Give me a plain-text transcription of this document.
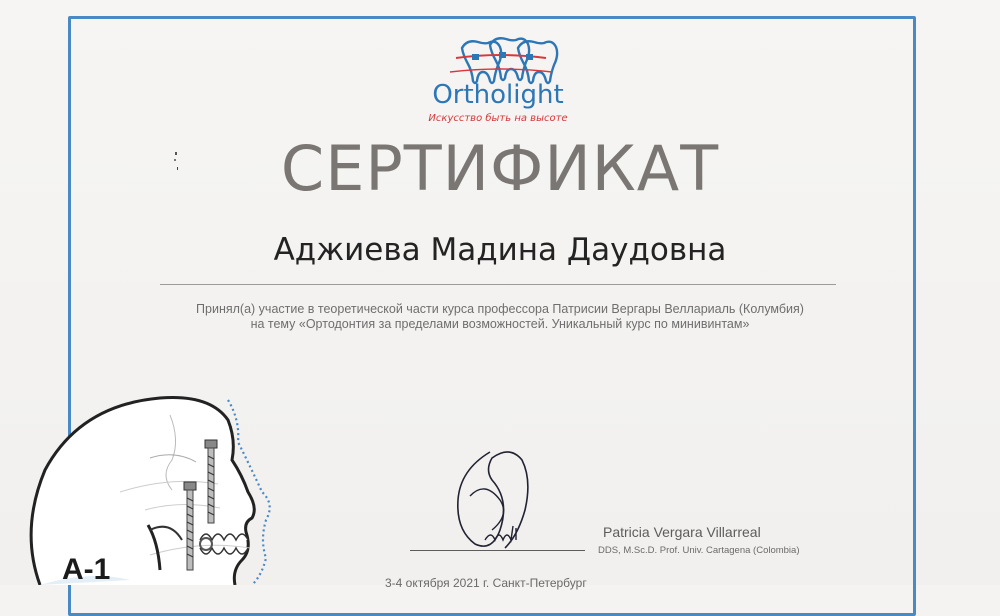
Ortholight
Искусство быть на высоте
СЕРТИФИКАТ
Аджиева Мадина Даудовна
Принял(а) участие в теоретической части курса профессора Патрисии Вергары Веллариаль (Колумбия)
на тему «Ортодонтия за пределами возможностей. Уникальный курс по минивинтам»
A-1
Patricia Vergara Villarreal
DDS, M.Sc.D. Prof. Univ. Cartagena (Colombia)
3-4 октября 2021 г. Санкт-Петербург
